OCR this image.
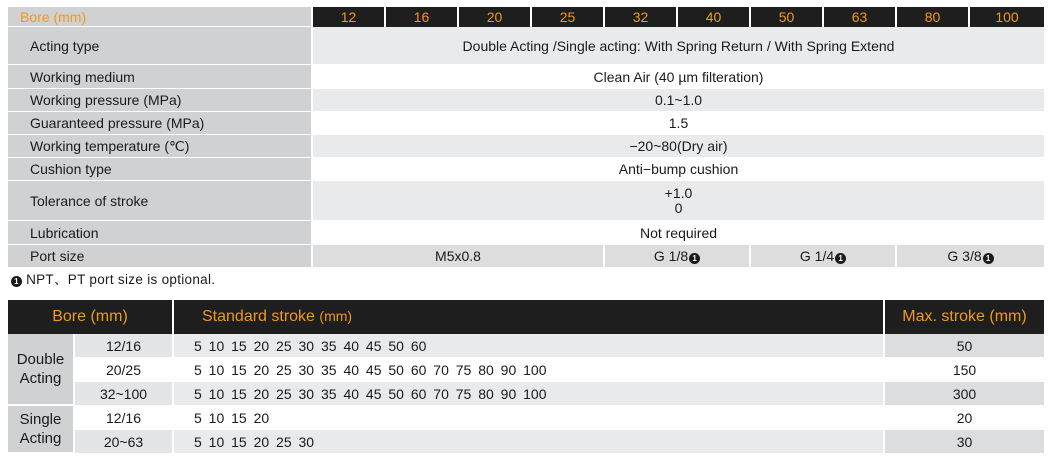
Bore (mm)	12	16	20	25	32	40	50	63	80	100
Acting type	Double Acting /Single acting: With Spring Return / With Spring Extend									
Working medium	Clean Air (40 µm filteration)									
Working pressure (MPa)	0.1~1.0									
Guaranteed pressure (MPa)	1.5									
Working temperature (℃)	−20~80(Dry air)									
Cushion type	Anti−bump cushion									
Tolerance of stroke	+1.0
0									

Lubrication	Not required									
Port size	M5x0.8				G 1/8 1		G 1/4 1		G 3/8 1	
1 NPT、PT port size is optional.
Bore (mm)		Standard stroke (mm)	Max. stroke (mm)

Double
Acting	12/16	5 10 15 20 25 30 35 40 45 50 60	50
	20/25	5 10 15 20 25 30 35 40 45 50 60 70 75 80 90 100	150
	32~100	5 10 15 20 25 30 35 40 45 50 60 70 75 80 90 100	300

Single
Acting	12/16	5 10 15 20	20
	20~63	5 10 15 20 25 30	30
